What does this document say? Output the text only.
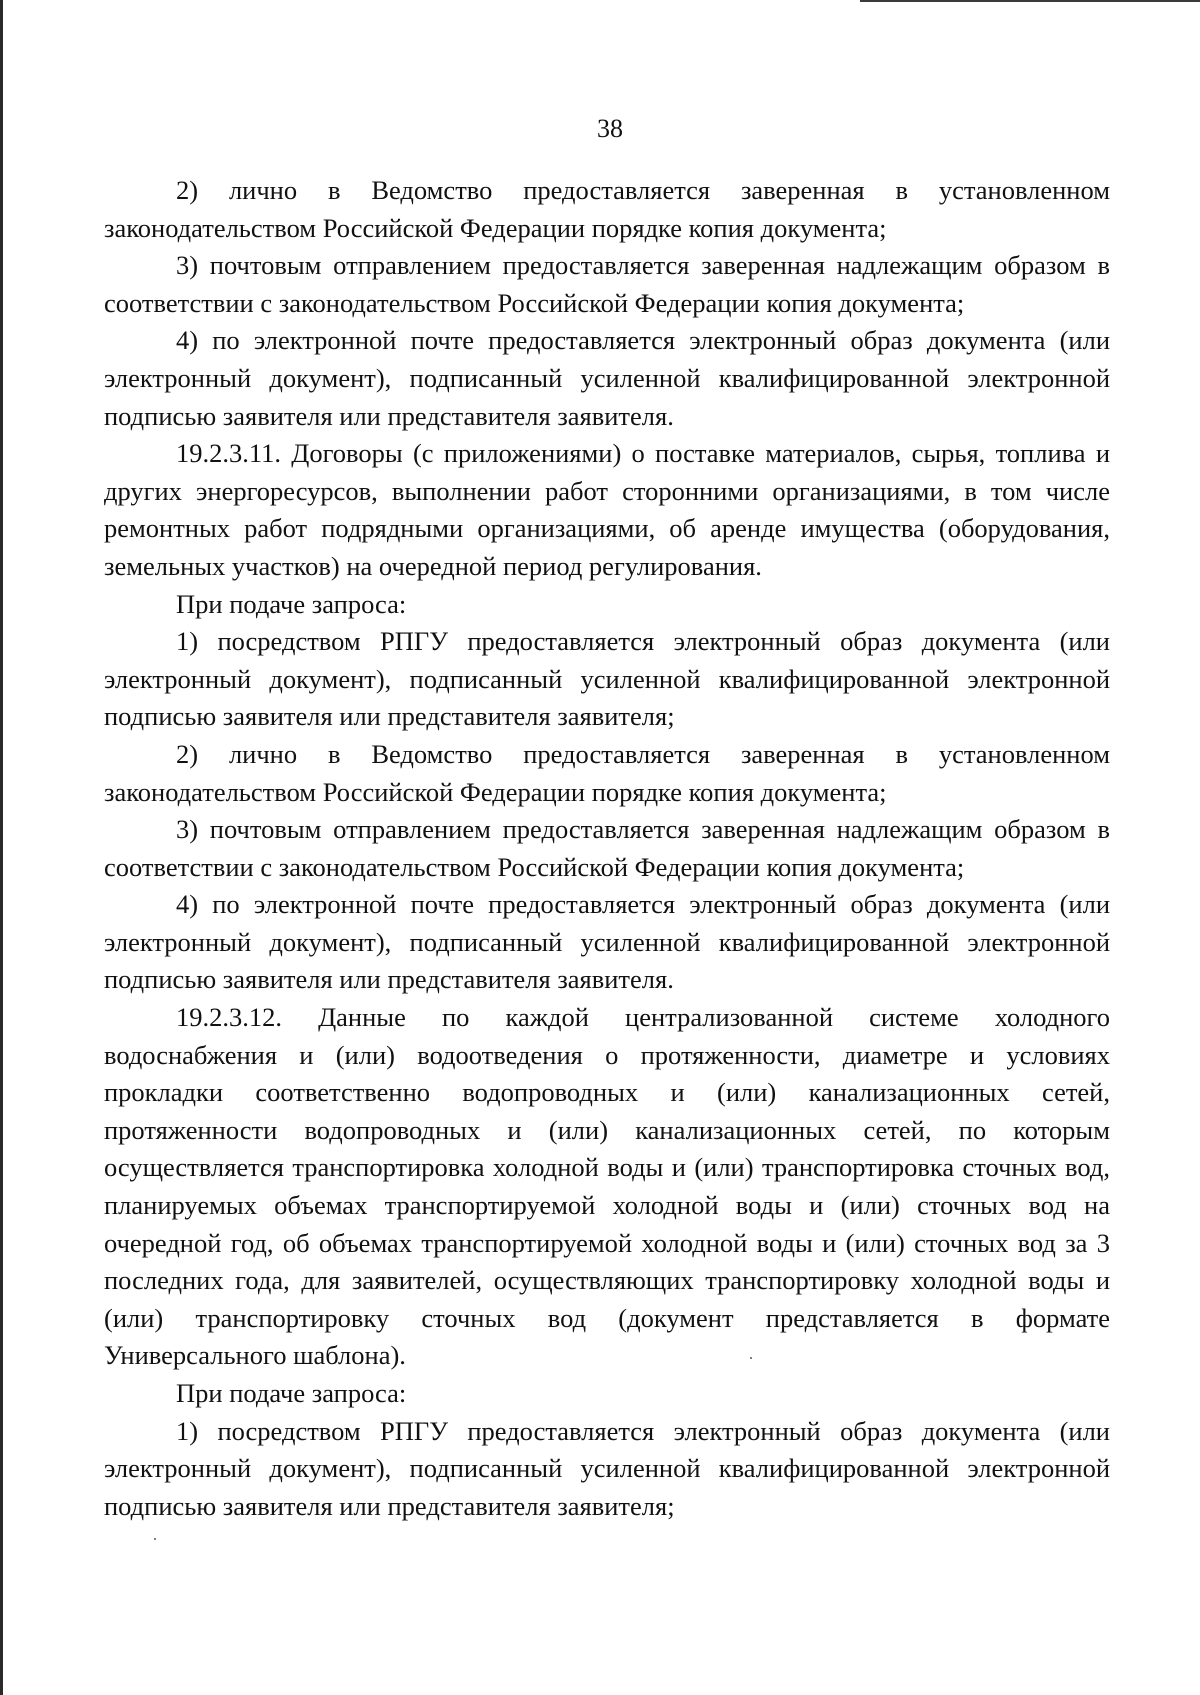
38

2) лично в Ведомство предоставляется заверенная в установленном законодательством Российской Федерации порядке копия документа;

3) почтовым отправлением предоставляется заверенная надлежащим образом в соответствии с законодательством Российской Федерации копия документа;

4) по электронной почте предоставляется электронный образ документа (или электронный документ), подписанный усиленной квалифицированной электронной подписью заявителя или представителя заявителя.

19.2.3.11. Договоры (с приложениями) о поставке материалов, сырья, топлива и других энергоресурсов, выполнении работ сторонними организациями, в том числе ремонтных работ подрядными организациями, об аренде имущества (оборудования, земельных участков) на очередной период регулирования.

При подаче запроса:

1) посредством РПГУ предоставляется электронный образ документа (или электронный документ), подписанный усиленной квалифицированной электронной подписью заявителя или представителя заявителя;

2) лично в Ведомство предоставляется заверенная в установленном законодательством Российской Федерации порядке копия документа;

3) почтовым отправлением предоставляется заверенная надлежащим образом в соответствии с законодательством Российской Федерации копия документа;

4) по электронной почте предоставляется электронный образ документа (или электронный документ), подписанный усиленной квалифицированной электронной подписью заявителя или представителя заявителя.

19.2.3.12. Данные по каждой централизованной системе холодного водоснабжения и (или) водоотведения о протяженности, диаметре и условиях прокладки соответственно водопроводных и (или) канализационных сетей, протяженности водопроводных и (или) канализационных сетей, по которым осуществляется транспортировка холодной воды и (или) транспортировка сточных вод, планируемых объемах транспортируемой холодной воды и (или) сточных вод на очередной год, об объемах транспортируемой холодной воды и (или) сточных вод за 3 последних года, для заявителей, осуществляющих транспортировку холодной воды и (или) транспортировку сточных вод (документ представляется в формате Универсального шаблона).

При подаче запроса:

1) посредством РПГУ предоставляется электронный образ документа (или электронный документ), подписанный усиленной квалифицированной электронной подписью заявителя или представителя заявителя;
